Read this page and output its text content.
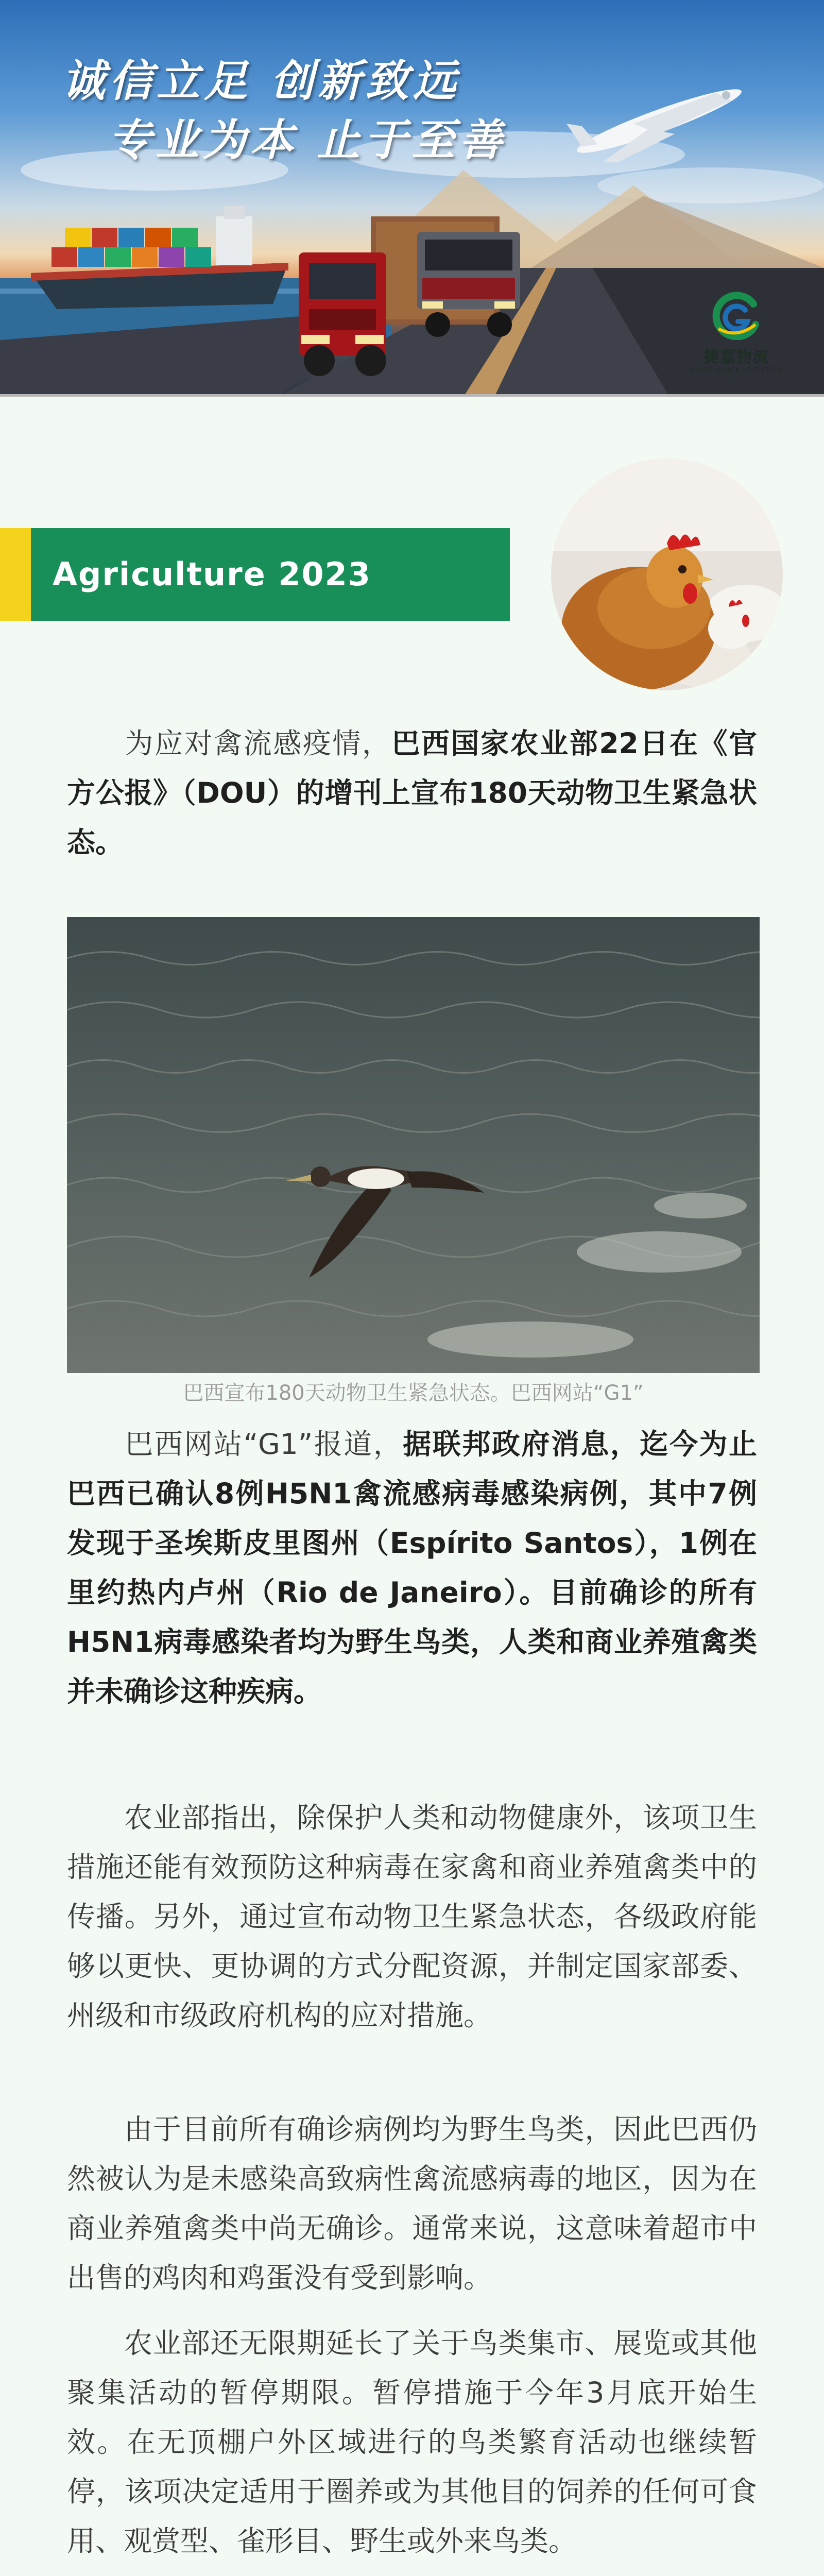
诚信立足 创新致远
专业为本 止于至善
捷嘉物流
GOOD-QUICK LOGISTICS
Agriculture 2023
为应对禽流感疫情，巴西国家农业部22日在《官方公报》（DOU）的增刊上宣布180天动物卫生紧急状态。
巴西宣布180天动物卫生紧急状态。巴西网站“G1”
巴西网站“G1”报道，据联邦政府消息，迄今为止巴西已确认8例H5N1禽流感病毒感染病例，其中7例发现于圣埃斯皮里图州（Espírito Santos），1例在里约热内卢州（Rio de Janeiro）。目前确诊的所有H5N1病毒感染者均为野生鸟类，人类和商业养殖禽类并未确诊这种疾病。
农业部指出，除保护人类和动物健康外，该项卫生措施还能有效预防这种病毒在家禽和商业养殖禽类中的传播。另外，通过宣布动物卫生紧急状态，各级政府能够以更快、更协调的方式分配资源，并制定国家部委、州级和市级政府机构的应对措施。
由于目前所有确诊病例均为野生鸟类，因此巴西仍然被认为是未感染高致病性禽流感病毒的地区，因为在商业养殖禽类中尚无确诊。通常来说，这意味着超市中出售的鸡肉和鸡蛋没有受到影响。
农业部还无限期延长了关于鸟类集市、展览或其他聚集活动的暂停期限。暂停措施于今年3月底开始生效。在无顶棚户外区域进行的鸟类繁育活动也继续暂停，该项决定适用于圈养或为其他目的饲养的任何可食用、观赏型、雀形目、野生或外来鸟类。
